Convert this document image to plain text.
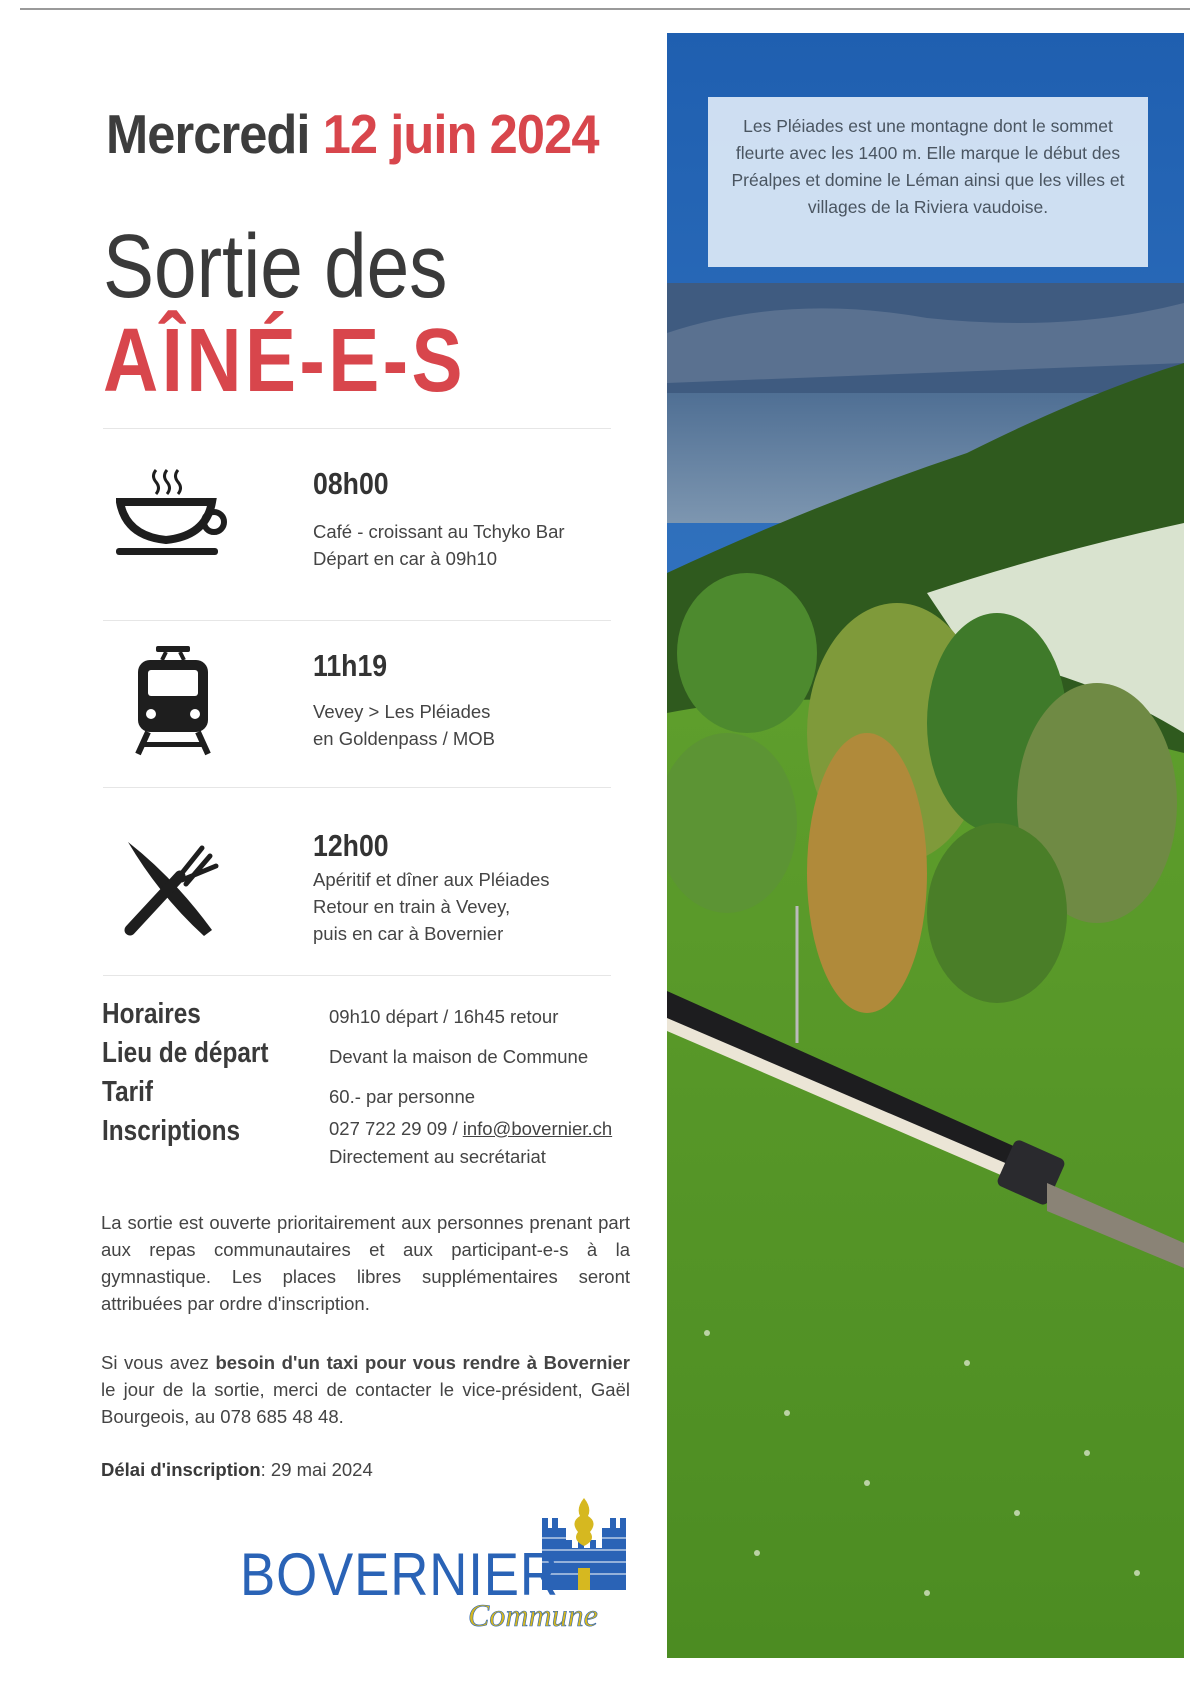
Mercredi 12 juin 2024
Sortie des
AÎNÉ-E-S
08h00
Café - croissant au Tchyko Bar
Départ en car à 09h10
11h19
Vevey > Les Pléiades
en Goldenpass / MOB
12h00
Apéritif et dîner aux Pléiades
Retour en train à Vevey,
puis en car à Bovernier
Horaires
Lieu de départ
Tarif
Inscriptions
09h10 départ / 16h45 retour
Devant la maison de Commune
60.- par personne
027 722 29 09 / info@bovernier.ch
Directement au secrétariat
La sortie est ouverte prioritairement aux personnes prenant part aux repas communautaires et aux participant-e-s à la gymnastique. Les places libres supplémentaires seront attribuées par ordre d'inscription.
Si vous avez besoin d'un taxi pour vous rendre à Bovernier le jour de la sortie, merci de contacter le vice-président, Gaël Bourgeois, au 078 685 48 48.
Délai d'inscription: 29 mai 2024
BOVERNIER
Commune
Les Pléiades est une montagne dont le sommet fleurte avec les 1400 m. Elle marque le début des Préalpes et domine le Léman ainsi que les villes et villages de la Riviera vaudoise.
